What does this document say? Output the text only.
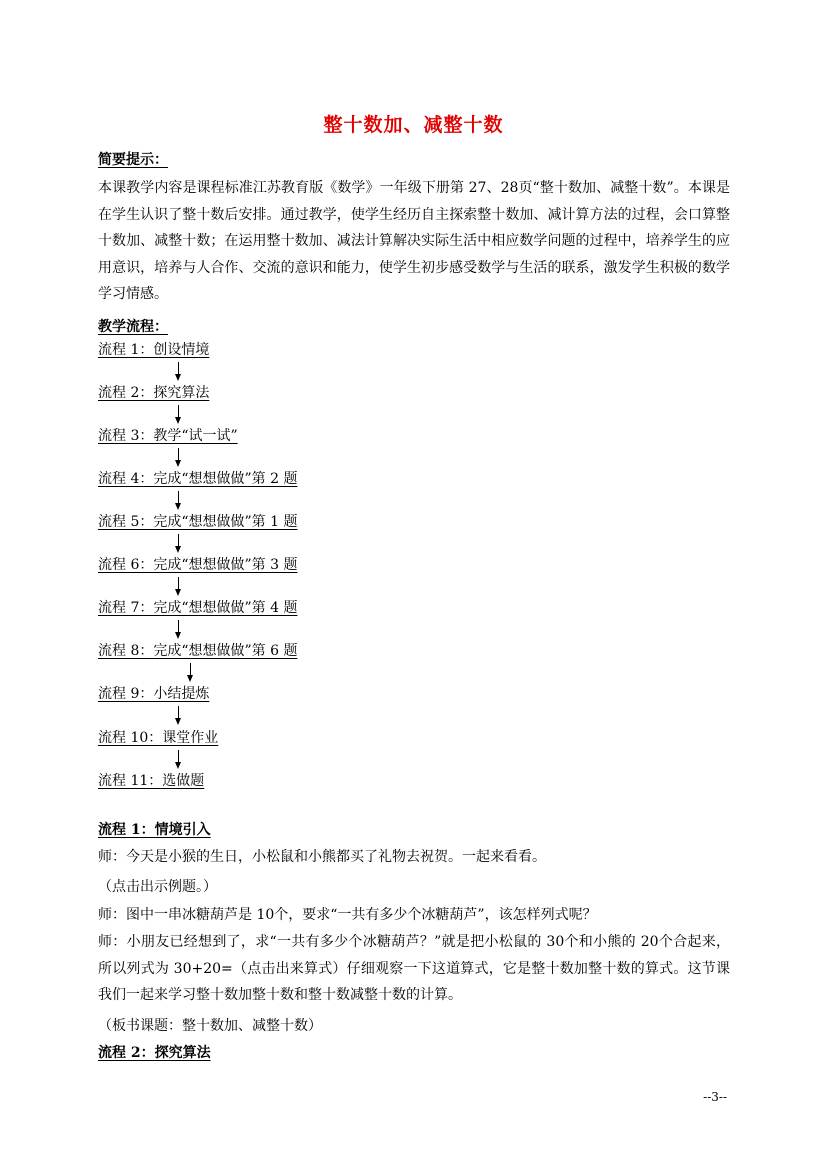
整十数加、减整十数
简要提示：
本课教学内容是课程标准江苏教育版《数学》一年级下册第 27、28页“整十数加、减整十数”。本课是在学生认识了整十数后安排。通过教学，使学生经历自主探索整十数加、减计算方法的过程，会口算整十数加、减整十数；在运用整十数加、减法计算解决实际生活中相应数学问题的过程中，培养学生的应用意识，培养与人合作、交流的意识和能力，使学生初步感受数学与生活的联系，激发学生积极的数学学习情感。
教学流程：
流程 1：创设情境
流程 2：探究算法
流程 3：教学“试一试”
流程 4：完成“想想做做”第 2 题
流程 5：完成“想想做做”第 1 题
流程 6：完成“想想做做”第 3 题
流程 7：完成“想想做做”第 4 题
流程 8：完成“想想做做”第 6 题
流程 9：小结提炼
流程 10：课堂作业
流程 11：选做题
流程 1：情境引入
师：今天是小猴的生日，小松鼠和小熊都买了礼物去祝贺。一起来看看。
（点击出示例题。）
师：图中一串冰糖葫芦是 10个，要求“一共有多少个冰糖葫芦”，该怎样列式呢？
师：小朋友已经想到了，求“一共有多少个冰糖葫芦？”就是把小松鼠的 30个和小熊的 20个合起来，所以列式为 30+20=（点击出来算式）仔细观察一下这道算式，它是整十数加整十数的算式。这节课我们一起来学习整十数加整十数和整十数减整十数的计算。
（板书课题：整十数加、减整十数）
流程 2：探究算法
--3--
